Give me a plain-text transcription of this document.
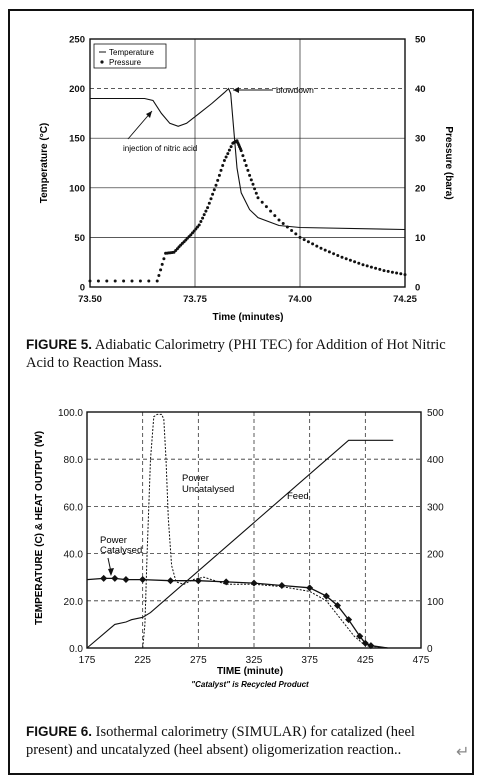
0
50
100
150
200
250
0
10
20
30
40
50
73.50	73.75	74.00	74.25
blowdown
injection of nitric acid
Temperature
Pressure
Time (minutes)
Temperature (°C)	Pressure (bara)
0.0
20.0
40.0
60.0
80.0
100.0
0
100
200
300
400
500
175	225	275	325	375	425	475
Power
Uncatalysed
Power
Catalysed
Feed
TIME (minute)
"Catalyst" is Recycled Product
TEMPERATURE (C) & HEAT OUTPUT (W)
FIGURE 5. Adiabatic Calorimetry (PHI TEC) for Addition of Hot Nitric Acid to Reaction Mass.
FIGURE 6. Isothermal calorimetry (SIMULAR) for catalized (heel present) and uncatalyzed (heel absent) oligomerization reaction..	↵
